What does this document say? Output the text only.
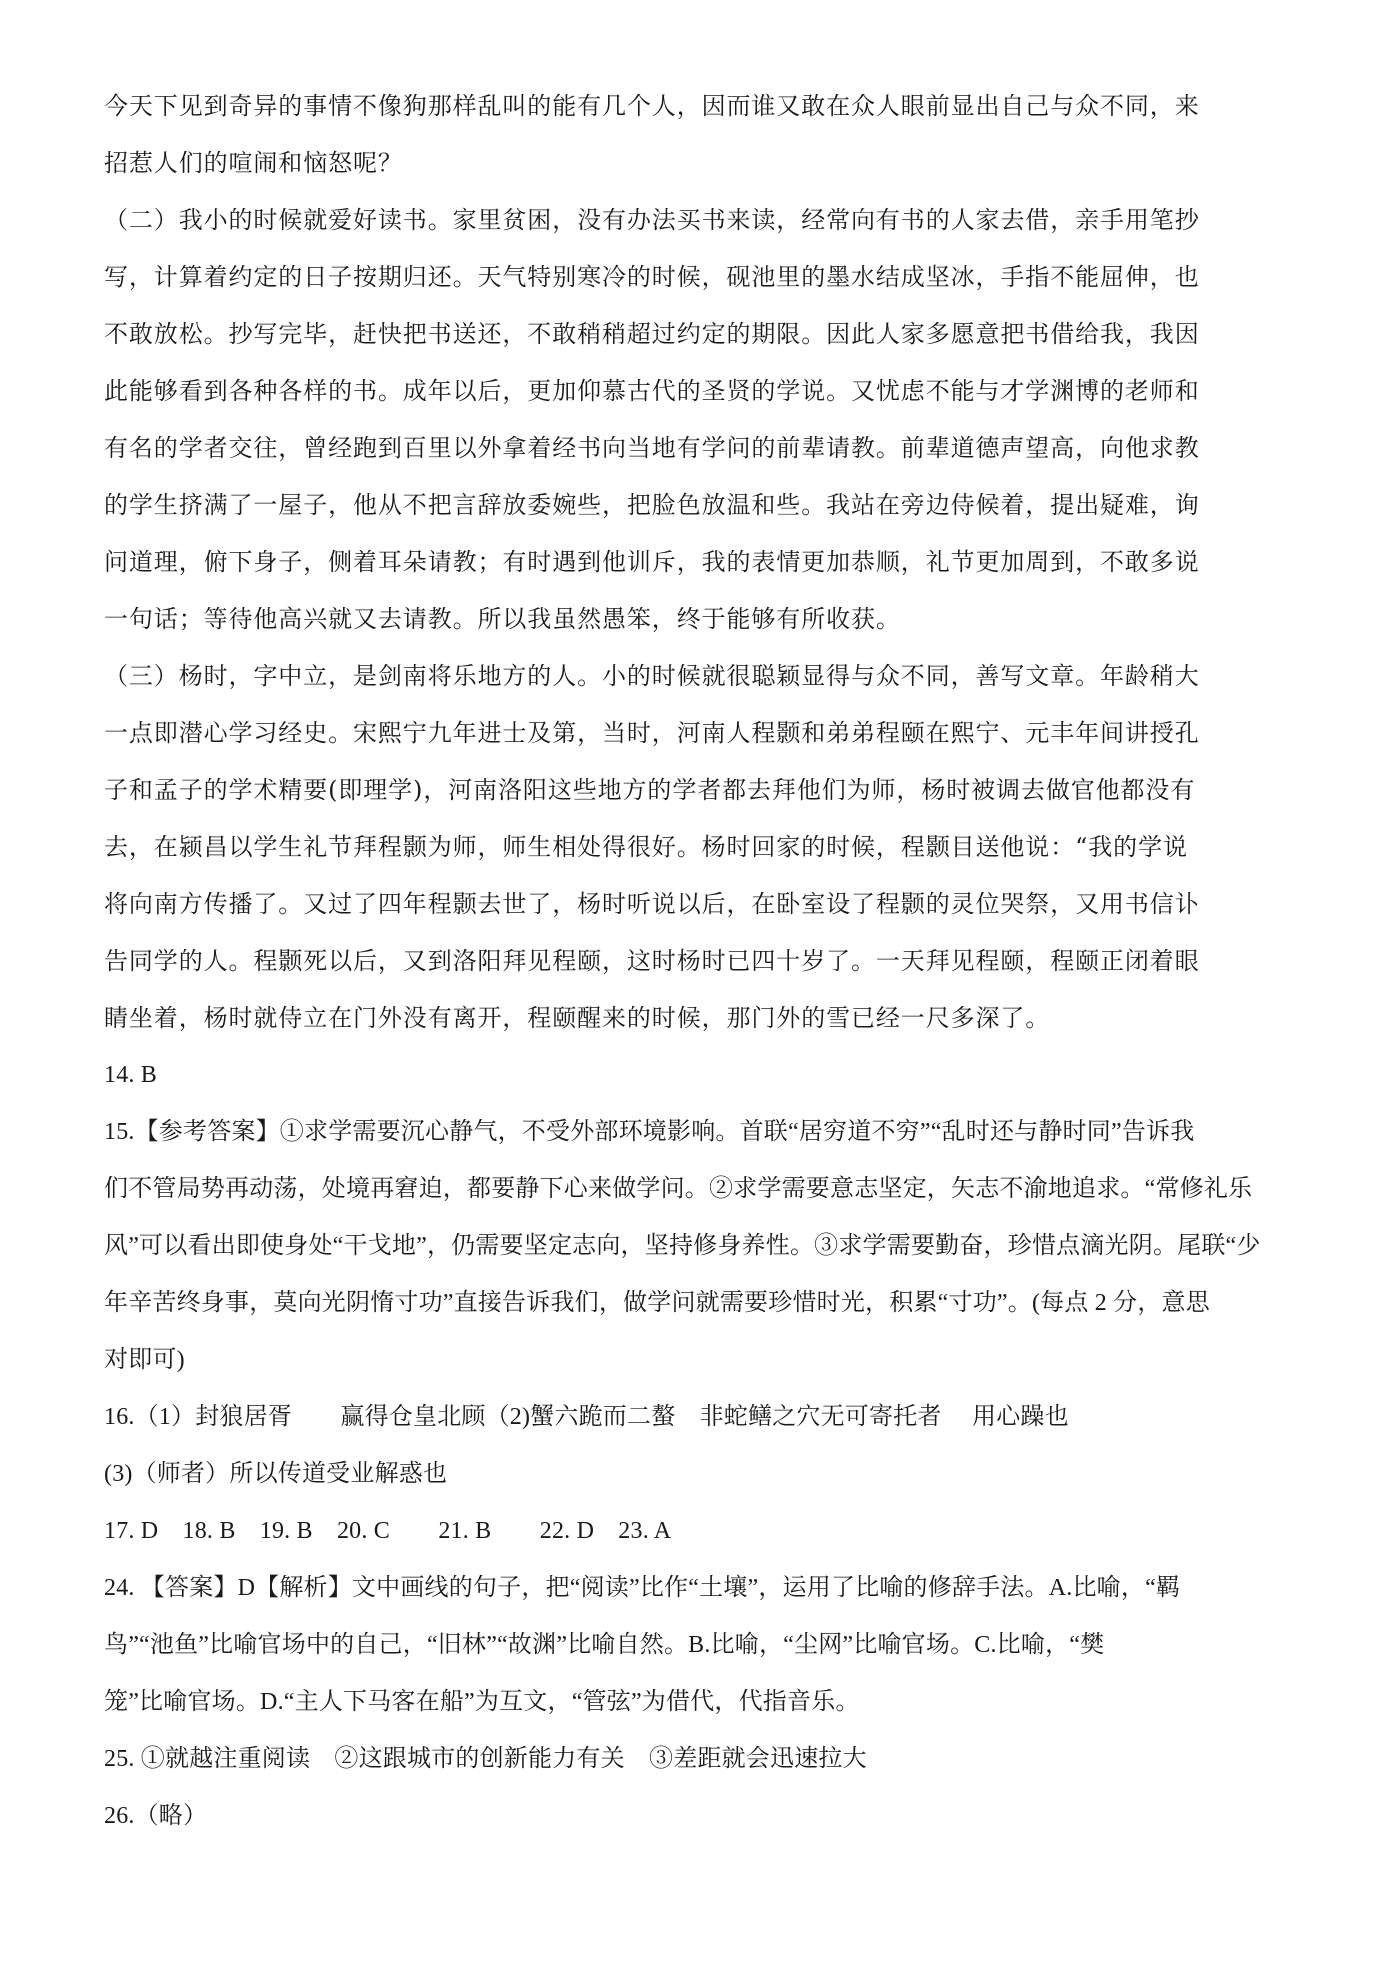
今天下见到奇异的事情不像狗那样乱叫的能有几个人，因而谁又敢在众人眼前显出自己与众不同，来
招惹人们的喧闹和恼怒呢？
（二）我小的时候就爱好读书。家里贫困，没有办法买书来读，经常向有书的人家去借，亲手用笔抄
写，计算着约定的日子按期归还。天气特别寒冷的时候，砚池里的墨水结成坚冰，手指不能屈伸，也
不敢放松。抄写完毕，赶快把书送还，不敢稍稍超过约定的期限。因此人家多愿意把书借给我，我因
此能够看到各种各样的书。成年以后，更加仰慕古代的圣贤的学说。又忧虑不能与才学渊博的老师和
有名的学者交往，曾经跑到百里以外拿着经书向当地有学问的前辈请教。前辈道德声望高，向他求教
的学生挤满了一屋子，他从不把言辞放委婉些，把脸色放温和些。我站在旁边侍候着，提出疑难，询
问道理，俯下身子，侧着耳朵请教；有时遇到他训斥，我的表情更加恭顺，礼节更加周到，不敢多说
一句话；等待他高兴就又去请教。所以我虽然愚笨，终于能够有所收获。
（三）杨时，字中立，是剑南将乐地方的人。小的时候就很聪颖显得与众不同，善写文章。年龄稍大
一点即潜心学习经史。宋熙宁九年进士及第，当时，河南人程颢和弟弟程颐在熙宁、元丰年间讲授孔
子和孟子的学术精要(即理学)，河南洛阳这些地方的学者都去拜他们为师，杨时被调去做官他都没有
去，在颍昌以学生礼节拜程颢为师，师生相处得很好。杨时回家的时候，程颢目送他说：“我的学说
将向南方传播了。又过了四年程颢去世了，杨时听说以后，在卧室设了程颢的灵位哭祭，又用书信讣
告同学的人。程颢死以后，又到洛阳拜见程颐，这时杨时已四十岁了。一天拜见程颐，程颐正闭着眼
睛坐着，杨时就侍立在门外没有离开，程颐醒来的时候，那门外的雪已经一尺多深了。
14. B
15.【参考答案】①求学需要沉心静气，不受外部环境影响。首联“居穷道不穷”“乱时还与静时同”告诉我
们不管局势再动荡，处境再窘迫，都要静下心来做学问。②求学需要意志坚定，矢志不渝地追求。“常修礼乐
风”可以看出即使身处“干戈地”，仍需要坚定志向，坚持修身养性。③求学需要勤奋，珍惜点滴光阴。尾联“少
年辛苦终身事，莫向光阴惰寸功”直接告诉我们，做学问就需要珍惜时光，积累“寸功”。(每点 2 分，意思
对即可)
16.（1）封狼居胥　　赢得仓皇北顾（2)蟹六跪而二螯　非蛇鳝之穴无可寄托者　 用心躁也
(3)（师者）所以传道受业解惑也
17. D　18. B　19. B　20. C　　21. B　　22. D　23. A
24. 【答案】D【解析】文中画线的句子，把“阅读”比作“土壤”，运用了比喻的修辞手法。A.比喻，“羁
鸟”“池鱼”比喻官场中的自己，“旧林”“故渊”比喻自然。B.比喻，“尘网”比喻官场。C.比喻，“樊
笼”比喻官场。D.“主人下马客在船”为互文，“管弦”为借代，代指音乐。
25. ①就越注重阅读　②这跟城市的创新能力有关　③差距就会迅速拉大
26.（略）
